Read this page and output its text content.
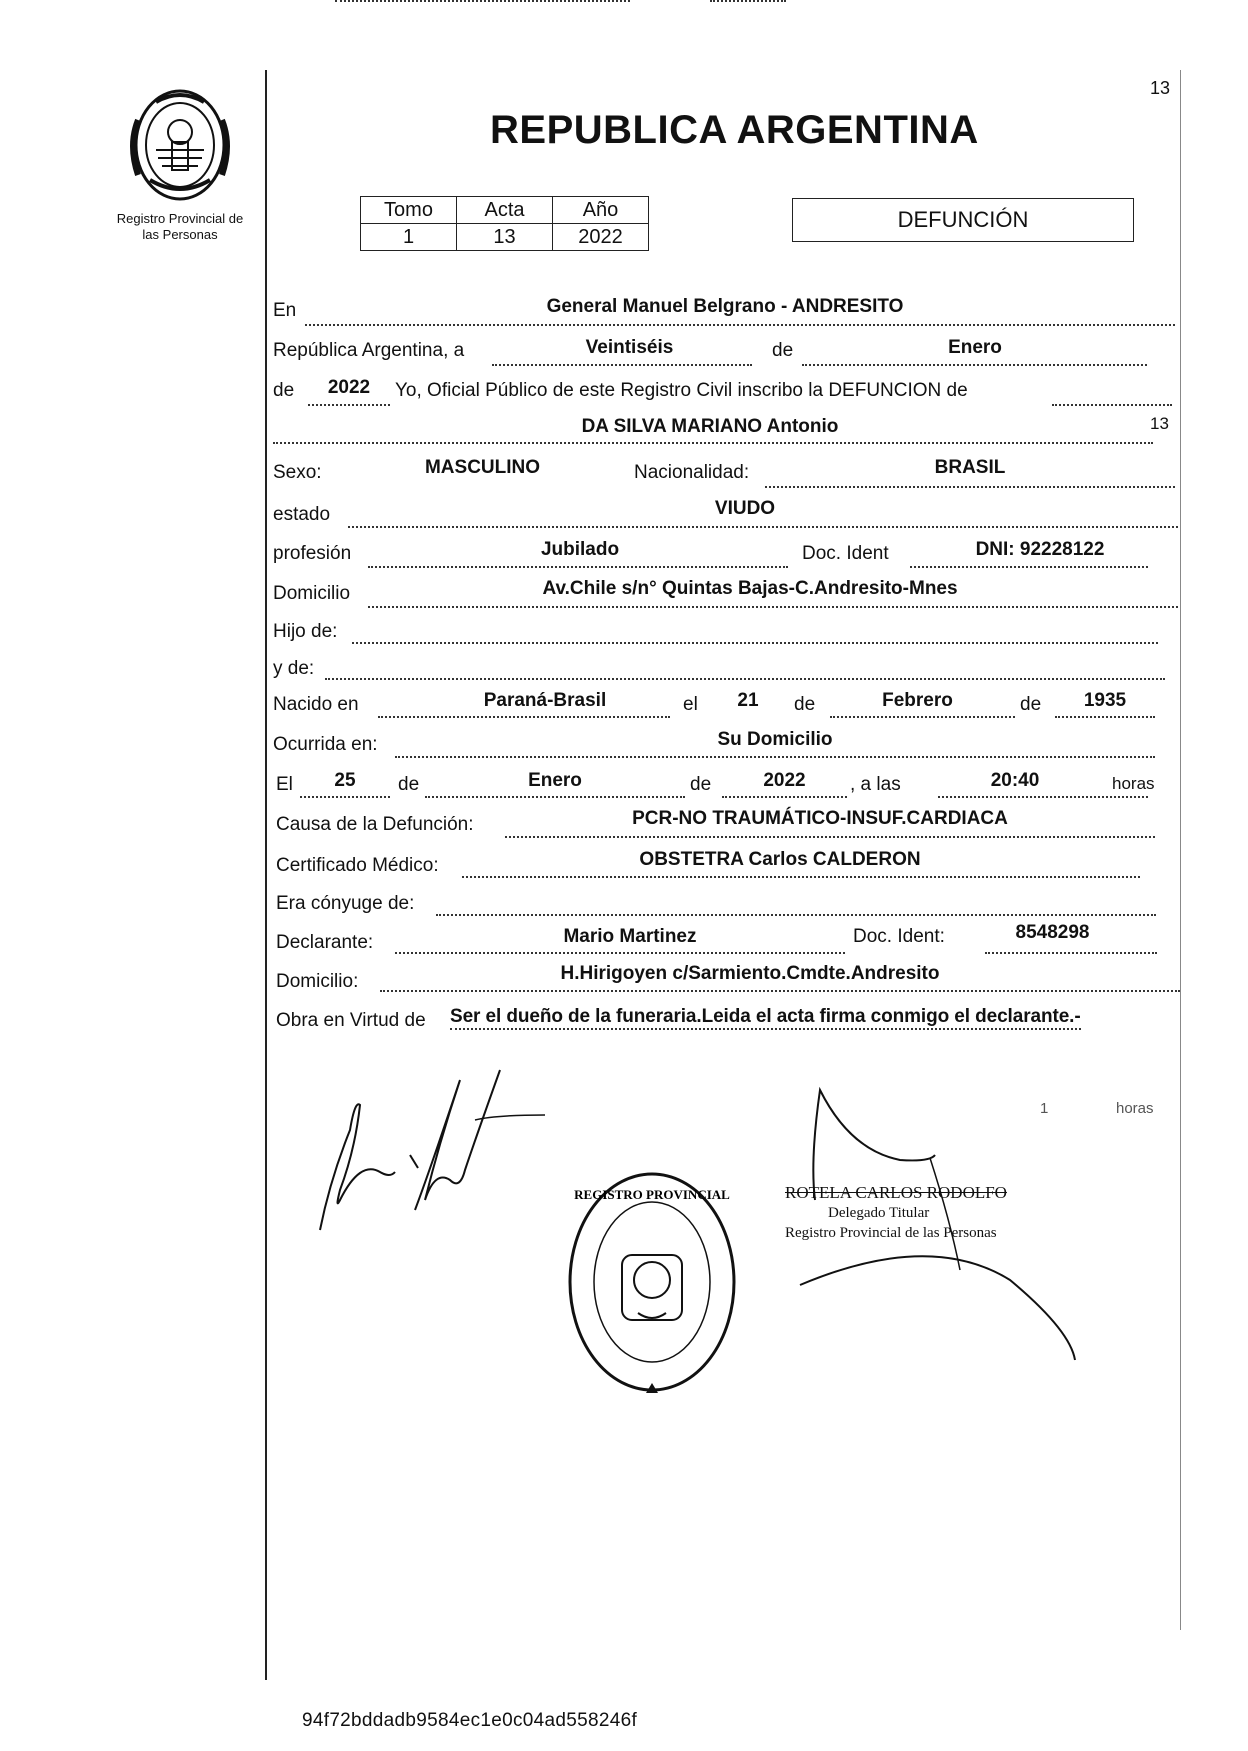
13
Registro Provincial de
las Personas
REPUBLICA ARGENTINA
Tomo	Acta	Año
1	13	2022
DEFUNCIÓN
En	General Manuel Belgrano - ANDRESITO
República Argentina, a	Veintiséis	de	Enero
de	2022	Yo, Oficial Público de este Registro Civil inscribo la DEFUNCION de
DA SILVA MARIANO Antonio	13
Sexo:	MASCULINO	Nacionalidad:	BRASIL
estado	VIUDO
profesión	Jubilado	Doc. Ident	DNI: 92228122
Domicilio	Av.Chile s/n° Quintas Bajas-C.Andresito-Mnes
Hijo de:
y de:
Nacido en	Paraná-Brasil	el	21	de	Febrero	de	1935
Ocurrida en:	Su Domicilio
El	25	de	Enero	de	2022	, a las	20:40	horas
Causa de la Defunción:	PCR-NO TRAUMÁTICO-INSUF.CARDIACA
Certificado Médico:	OBSTETRA Carlos CALDERON
Era cónyuge de:
Declarante:	Mario Martinez	Doc. Ident:	8548298
Domicilio:	H.Hirigoyen c/Sarmiento.Cmdte.Andresito
Obra en Virtud de Ser el dueño de la funeraria.Leida el acta firma conmigo el declarante.-
REGISTRO PROVINCIAL	ROTELA CARLOS RODOLFO
Delegado Titular
Registro Provincial de las Personas
1	horas
94f72bddadb9584ec1e0c04ad558246f
